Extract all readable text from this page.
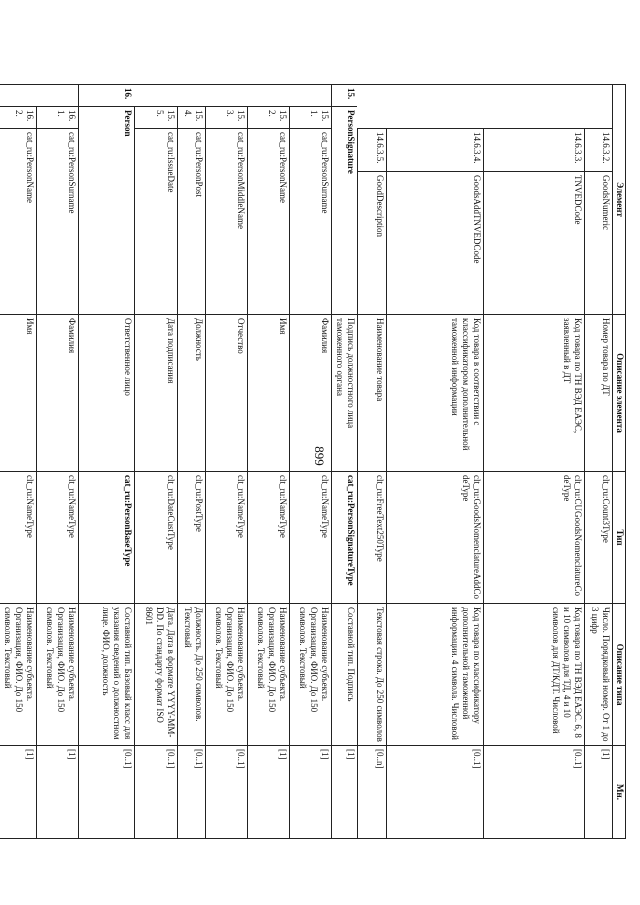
899
Элемент				Описание элемента	Тип	Описание типа	Мн.
		14.6.3.2.	GoodsNumeric	Номер товара по ДТ	clt_ru:Count3Type	Число. Порядковый номер. От 1 до 3 цифр	[1]
		14.6.3.3.	TNVEDCode	Код товара по ТН ВЭД ЕАЭС, заявленный в ДТ	clt_ru:CUGoodsNomenclatureCodeType	Код товара по ТН ВЭД ЕАЭС. 6, 8 и 10 символов для ТД, 4 и 10 символов для ДТ/КДТ. Числовой	[0..1]
		14.6.3.4.	GoodsAddTNVEDCode	Код товара в соответствии с классификатором дополнительной таможенной информации	clt_ru:GoodsNomenclatureAddCodeType	Код товара по классификатору дополнительной таможенной информации. 4 символа. Числовой	[0..1]
		14.6.3.5.	GoodDescription	Наименование товара	clt_ru:FreeText250Type	Текстовая строка. До 250 символов	[0..n]
15.	PersonSignature			Подпись должностного лица таможенного органа	cat_ru:PersonSignatureType	Составной тип. Подпись	[1]
	15.1.	cat_ru:PersonSurname		Фамилия	clt_ru:NameType	Наименование субъекта. Организация, ФИО. До 150 символов. Текстовый	[1]
	15.2.	cat_ru:PersonName		Имя	clt_ru:NameType	Наименование субъекта. Организация, ФИО. До 150 символов. Текстовый	[1]
	15.3.	cat_ru:PersonMiddleName		Отчество	clt_ru:NameType	Наименование субъекта. Организация, ФИО. До 150 символов. Текстовый	[0..1]
	15.4.	cat_ru:PersonPost		Должность	clt_ru:PostType	Должность. До 250 символов. Текстовый	[0..1]
	15.5.	cat_ru:IssueDate		Дата подписания	clt_ru:DateCustType	Дата. Дата в формате YYYY-MM-DD. По стандарту формат ISO 8601	[0..1]
16.	Person			Ответственное лицо	cat_ru:PersonBaseType	Составной тип. Базовый класс для указания сведений о должностном лице. ФИО, должность	[0..1]
	16.1.	cat_ru:PersonSurname		Фамилия	clt_ru:NameType	Наименование субъекта. Организация, ФИО. До 150 символов. Текстовый	[1]
	16.2.	cat_ru:PersonName		Имя	clt_ru:NameType	Наименование субъекта. Организация, ФИО. До 150 символов. Текстовый	[1]
